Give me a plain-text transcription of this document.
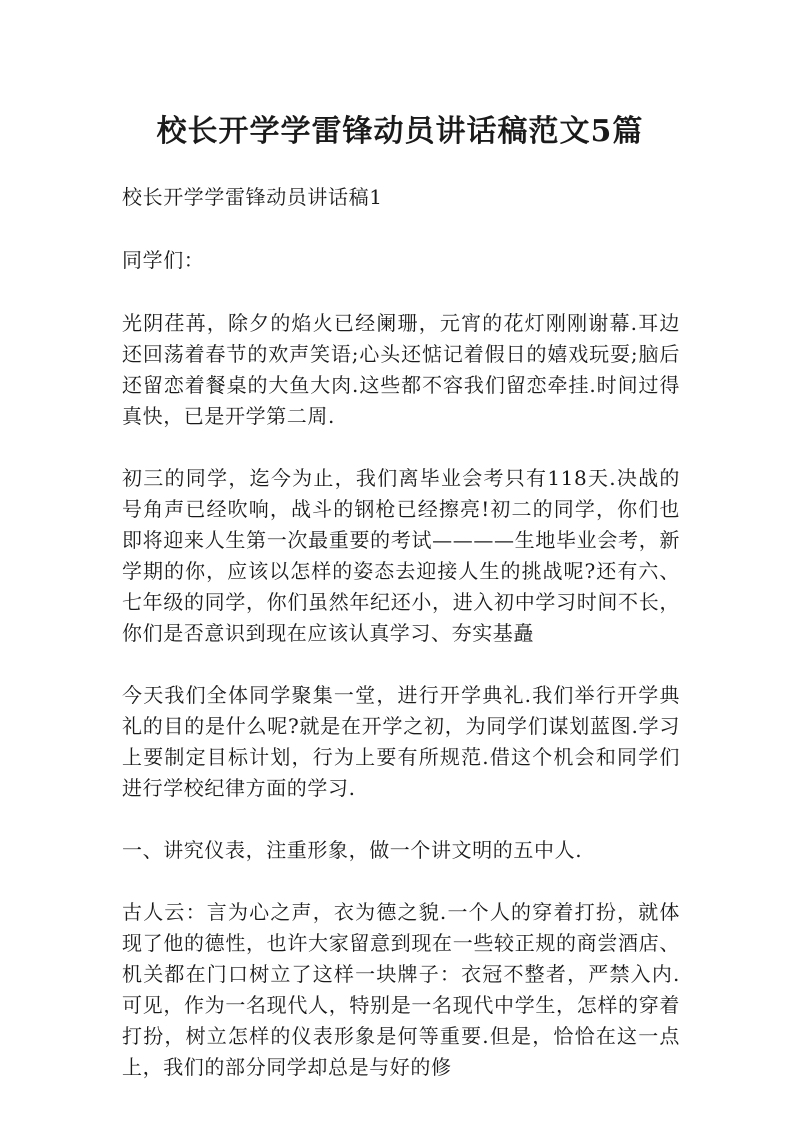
校长开学学雷锋动员讲话稿范文5篇

校长开学学雷锋动员讲话稿1

同学们：

光阴荏苒，除夕的焰火已经阑珊，元宵的花灯刚刚谢幕.耳边还回荡着春节的欢声笑语;心头还惦记着假日的嬉戏玩耍;脑后还留恋着餐桌的大鱼大肉.这些都不容我们留恋牵挂.时间过得真快，已是开学第二周.

初三的同学，迄今为止，我们离毕业会考只有118天.决战的号角声已经吹响，战斗的钢枪已经擦亮!初二的同学，你们也即将迎来人生第一次最重要的考试————生地毕业会考，新学期的你，应该以怎样的姿态去迎接人生的挑战呢?还有六、七年级的同学，你们虽然年纪还小，进入初中学习时间不长，你们是否意识到现在应该认真学习、夯实基矗

今天我们全体同学聚集一堂，进行开学典礼.我们举行开学典礼的目的是什么呢?就是在开学之初，为同学们谋划蓝图.学习上要制定目标计划，行为上要有所规范.借这个机会和同学们进行学校纪律方面的学习.

一、讲究仪表，注重形象，做一个讲文明的五中人.

古人云：言为心之声，衣为德之貌.一个人的穿着打扮，就体现了他的德性，也许大家留意到现在一些较正规的商尝酒店、机关都在门口树立了这样一块牌子：衣冠不整者，严禁入内.可见，作为一名现代人，特别是一名现代中学生，怎样的穿着打扮，树立怎样的仪表形象是何等重要.但是，恰恰在这一点上，我们的部分同学却总是与好的修
